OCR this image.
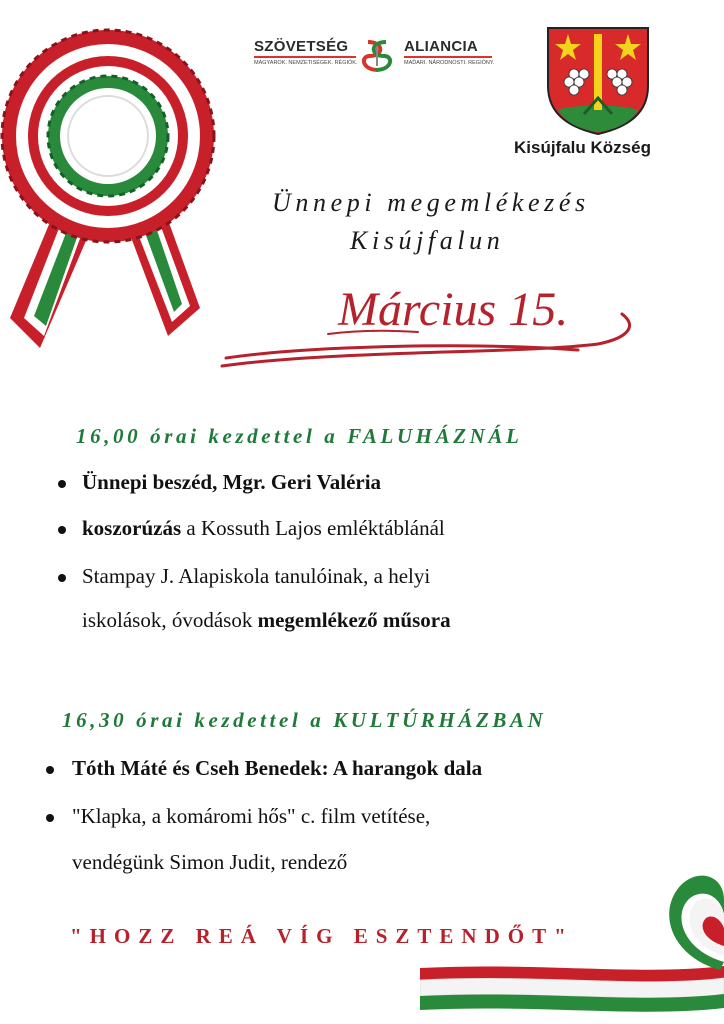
SZÖVETSÉG
MAGYAROK. NEMZETISÉGEK. RÉGIÓK.
ALIANCIA
MAĎARI. NÁRODNOSTI. REGIÓNY.
Kisújfalu Község
Ünnepi megemlékezés
Kisújfalun
Március 15.
16,00 órai kezdettel a FALUHÁZNÁL
Ünnepi beszéd, Mgr. Geri Valéria
koszorúzás a Kossuth Lajos emléktáblánál
Stampay J. Alapiskola tanulóinak, a helyi
iskolások, óvodások megemlékező műsora
16,30 órai kezdettel a KULTÚRHÁZBAN
Tóth Máté és Cseh Benedek: A harangok dala
"Klapka, a komáromi hős" c. film vetítése,
vendégünk Simon Judit, rendező
"HOZZ REÁ VÍG ESZTENDŐT"
